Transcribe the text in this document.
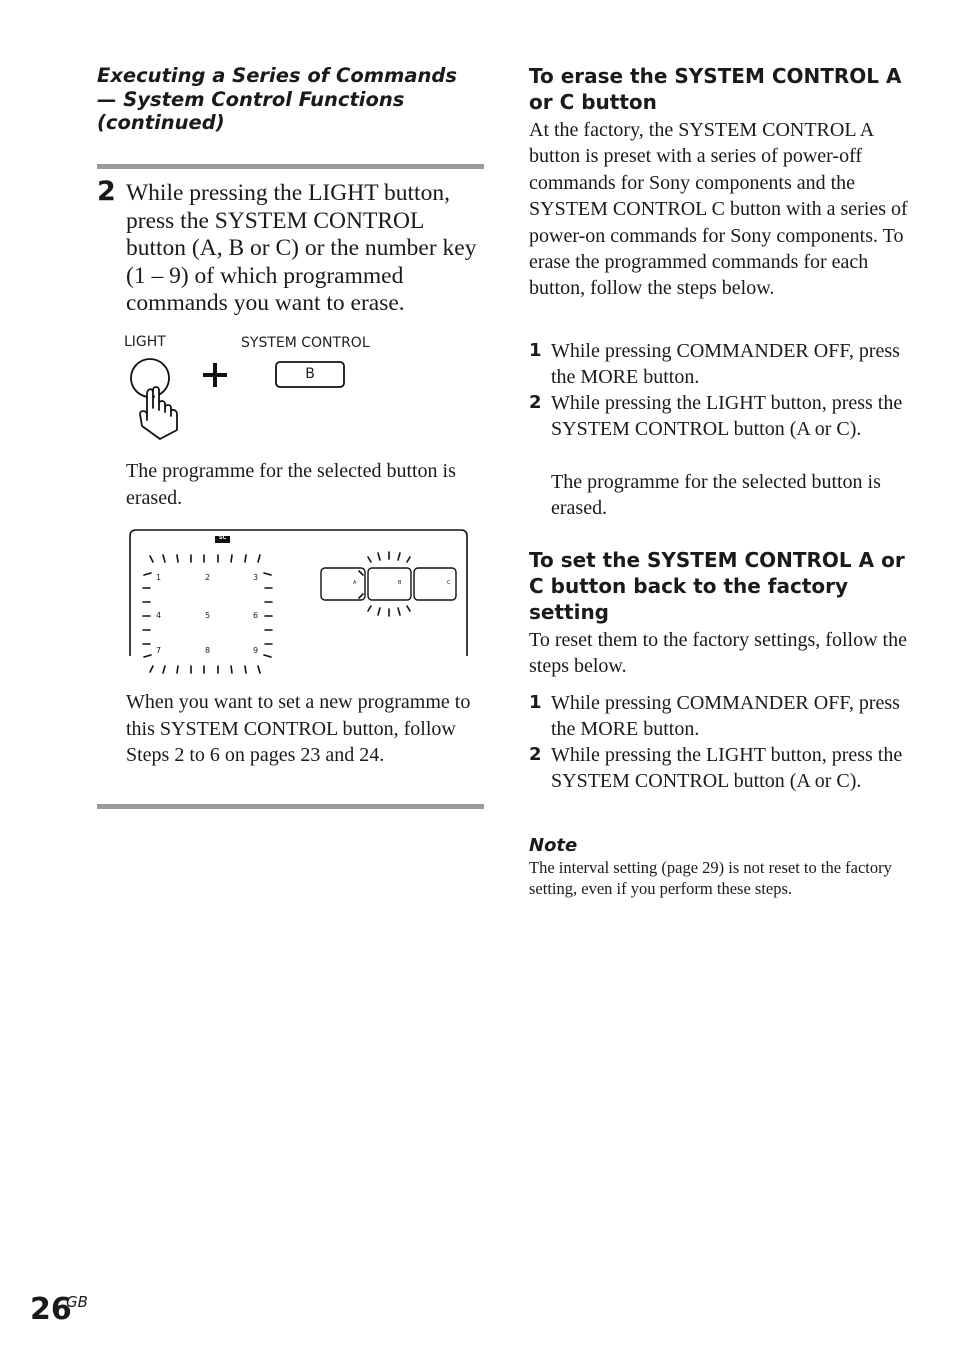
Executing a Series of Commands
— System Control Functions
(continued)
2 While pressing the LIGHT button, press the SYSTEM CONTROL button (A, B or C) or the number key (1 – 9) of which programmed commands you want to erase.
LIGHT	SYSTEM CONTROL
B
The programme for the selected button is erased.
SC
1	2	3
4	5	6
7	8	9
A	B	C
When you want to set a new programme to this SYSTEM CONTROL button, follow Steps 2 to 6 on pages 23 and 24.
To erase the SYSTEM CONTROL A or C button
At the factory, the SYSTEM CONTROL A button is preset with a series of power-off commands for Sony components and the SYSTEM CONTROL C button with a series of power-on commands for Sony components. To erase the programmed commands for each button, follow the steps below.
1 While pressing COMMANDER OFF, press the MORE button.
2 While pressing the LIGHT button, press the SYSTEM CONTROL button (A or C).
The programme for the selected button is erased.
To set the SYSTEM CONTROL A or C button back to the factory setting
To reset them to the factory settings, follow the steps below.
1 While pressing COMMANDER OFF, press the MORE button.
2 While pressing the LIGHT button, press the SYSTEM CONTROL button (A or C).
Note
The interval setting (page 29) is not reset to the factory setting, even if you perform these steps.
26
GB
